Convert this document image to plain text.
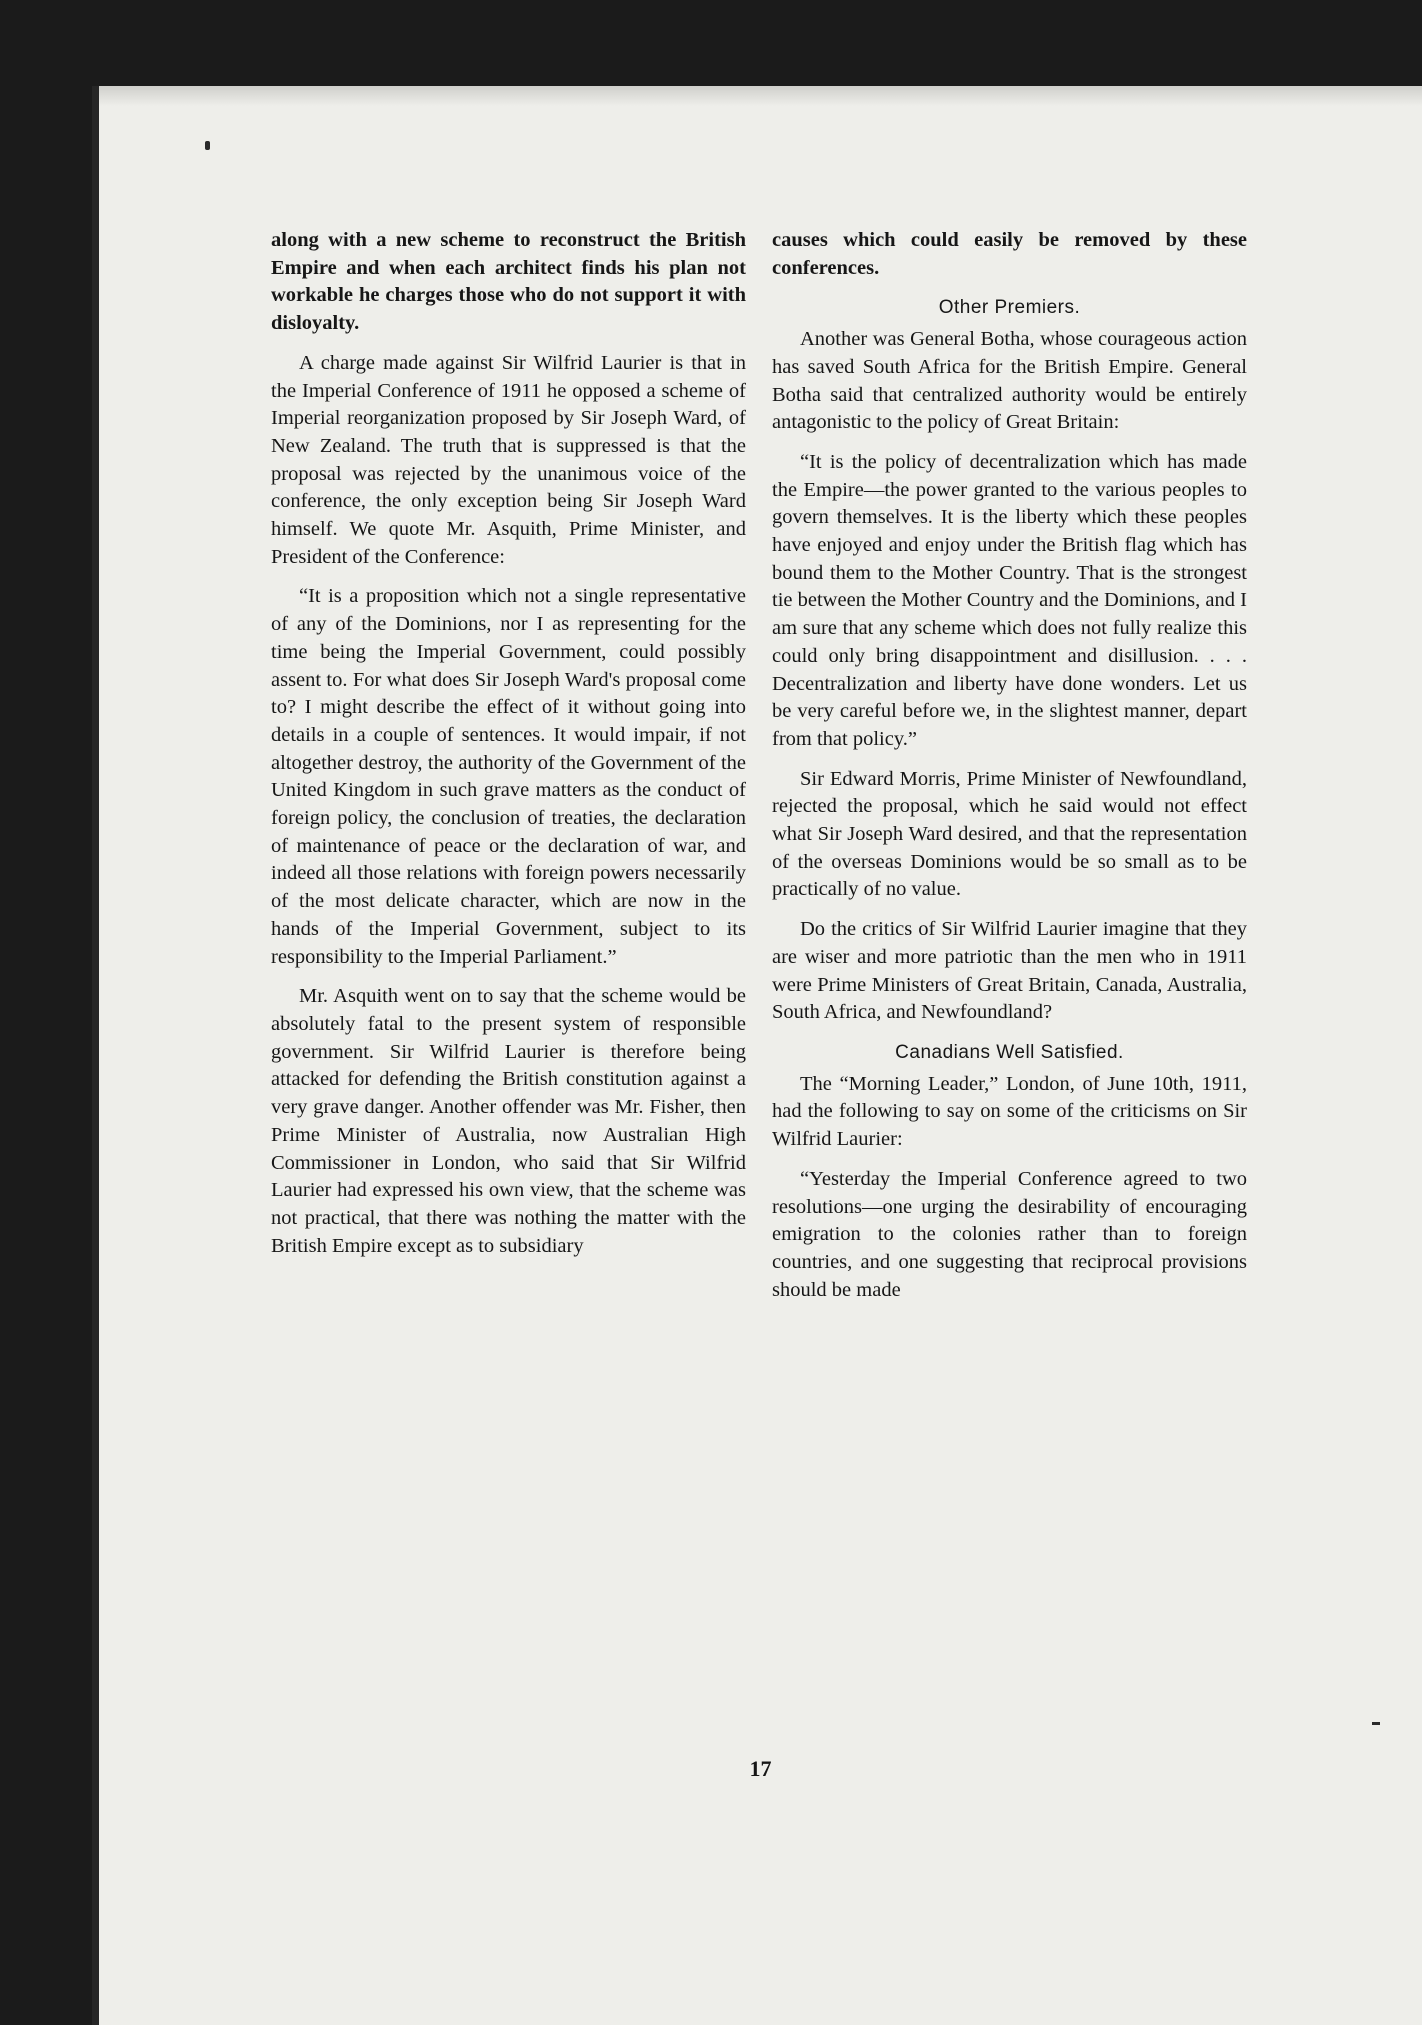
along with a new scheme to reconstruct the British Empire and when each architect finds his plan not workable he charges those who do not support it with disloyalty.

A charge made against Sir Wilfrid Laurier is that in the Imperial Conference of 1911 he opposed a scheme of Imperial reorganization proposed by Sir Joseph Ward, of New Zealand. The truth that is suppressed is that the proposal was rejected by the unanimous voice of the conference, the only exception being Sir Joseph Ward himself. We quote Mr. Asquith, Prime Minister, and President of the Conference:

“It is a proposition which not a single representative of any of the Dominions, nor I as representing for the time being the Imperial Government, could possibly assent to. For what does Sir Joseph Ward's proposal come to? I might describe the effect of it without going into details in a couple of sentences. It would impair, if not altogether destroy, the authority of the Government of the United Kingdom in such grave matters as the conduct of foreign policy, the conclusion of treaties, the declaration of maintenance of peace or the declaration of war, and indeed all those relations with foreign powers necessarily of the most delicate character, which are now in the hands of the Imperial Government, subject to its responsibility to the Imperial Parliament.”

Mr. Asquith went on to say that the scheme would be absolutely fatal to the present system of responsible government. Sir Wilfrid Laurier is therefore being attacked for defending the British constitution against a very grave danger. Another offender was Mr. Fisher, then Prime Minister of Australia, now Australian High Commissioner in London, who said that Sir Wilfrid Laurier had expressed his own view, that the scheme was not practical, that there was nothing the matter with the British Empire except as to subsidiary

causes which could easily be removed by these conferences.

Other Premiers.

Another was General Botha, whose courageous action has saved South Africa for the British Empire. General Botha said that centralized authority would be entirely antagonistic to the policy of Great Britain:

“It is the policy of decentralization which has made the Empire—the power granted to the various peoples to govern themselves. It is the liberty which these peoples have enjoyed and enjoy under the British flag which has bound them to the Mother Country. That is the strongest tie between the Mother Country and the Dominions, and I am sure that any scheme which does not fully realize this could only bring disappointment and disillusion. . . . Decentralization and liberty have done wonders. Let us be very careful before we, in the slightest manner, depart from that policy.”

Sir Edward Morris, Prime Minister of Newfoundland, rejected the proposal, which he said would not effect what Sir Joseph Ward desired, and that the representation of the overseas Dominions would be so small as to be practically of no value.

Do the critics of Sir Wilfrid Laurier imagine that they are wiser and more patriotic than the men who in 1911 were Prime Ministers of Great Britain, Canada, Australia, South Africa, and Newfoundland?

Canadians Well Satisfied.

The “Morning Leader,” London, of June 10th, 1911, had the following to say on some of the criticisms on Sir Wilfrid Laurier:

“Yesterday the Imperial Conference agreed to two resolutions—one urging the desirability of encouraging emigration to the colonies rather than to foreign countries, and one suggesting that reciprocal provisions should be made

17
